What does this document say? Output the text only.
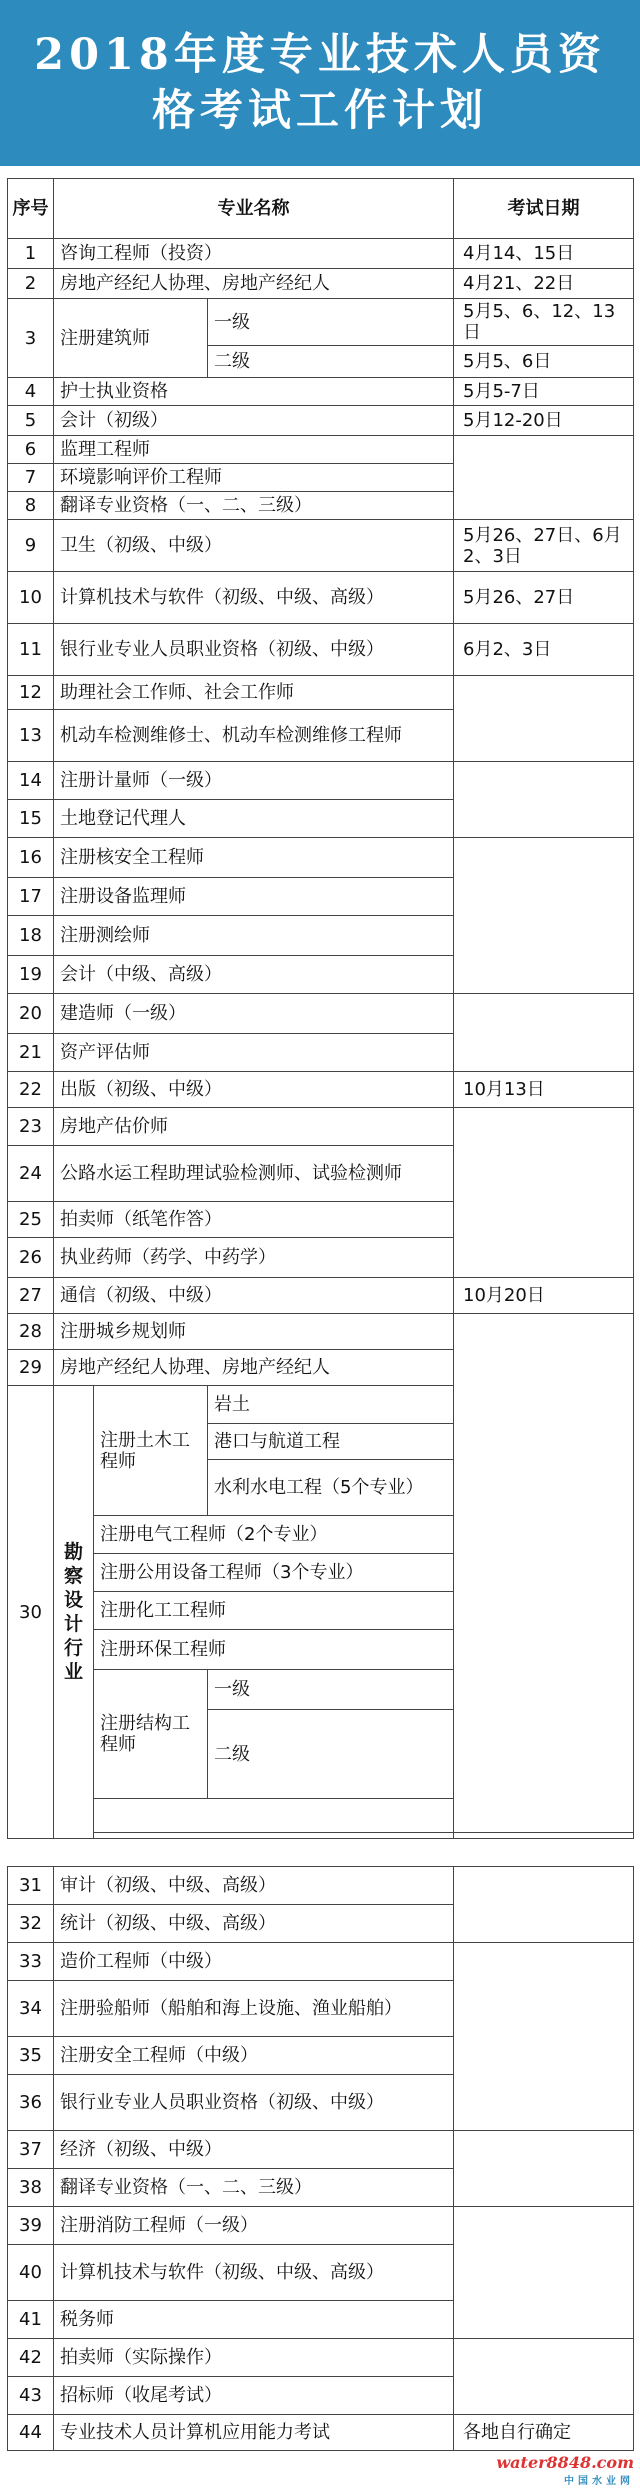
2018年度专业技术人员资
格考试工作计划
序号	专业名称			考试日期	
1	咨询工程师（投资）			4月14、15日	
2	房地产经纪人协理、房地产经纪人			4月21、22日	
3	注册建筑师		一级	5月5、6、12、13日	
			二级	5月5、6日	
4	护士执业资格			5月5-7日	
5	会计（初级）			5月12-20日	
6	监理工程师				
7	环境影响评价工程师				
8	翻译专业资格（一、二、三级）				
9	卫生（初级、中级）			5月26、27日、6月2、3日	
10	计算机技术与软件（初级、中级、高级）			5月26、27日	
11	银行业专业人员职业资格（初级、中级）			6月2、3日	
12	助理社会工作师、社会工作师				
13	机动车检测维修士、机动车检测维修工程师				
14	注册计量师（一级）				
15	土地登记代理人				
16	注册核安全工程师				
17	注册设备监理师				
18	注册测绘师				
19	会计（中级、高级）				
20	建造师（一级）				
21	资产评估师				
22	出版（初级、中级）			10月13日	
23	房地产估价师				
24	公路水运工程助理试验检测师、试验检测师				
25	拍卖师（纸笔作答）				
26	执业药师（药学、中药学）				
27	通信（初级、中级）			10月20日	
28	注册城乡规划师				
29	房地产经纪人协理、房地产经纪人				
30	勘察设计行业	注册土木工程师	岩土		
			港口与航道工程		
			水利水电工程（5个专业）		
		注册电气工程师（2个专业）			
		注册公用设备工程师（3个专业）			
		注册化工工程师			
		注册环保工程师			
		注册结构工程师	一级		
			二级	

31	审计（初级、中级、高级）	
32	统计（初级、中级、高级）	
33	造价工程师（中级）	
34	注册验船师（船舶和海上设施、渔业船舶）	
35	注册安全工程师（中级）	
36	银行业专业人员职业资格（初级、中级）	
37	经济（初级、中级）	
38	翻译专业资格（一、二、三级）	
39	注册消防工程师（一级）	
40	计算机技术与软件（初级、中级、高级）	
41	税务师	
42	拍卖师（实际操作）	
43	招标师（收尾考试）	
44	专业技术人员计算机应用能力考试	各地自行确定
water8848.com
中国水业网
